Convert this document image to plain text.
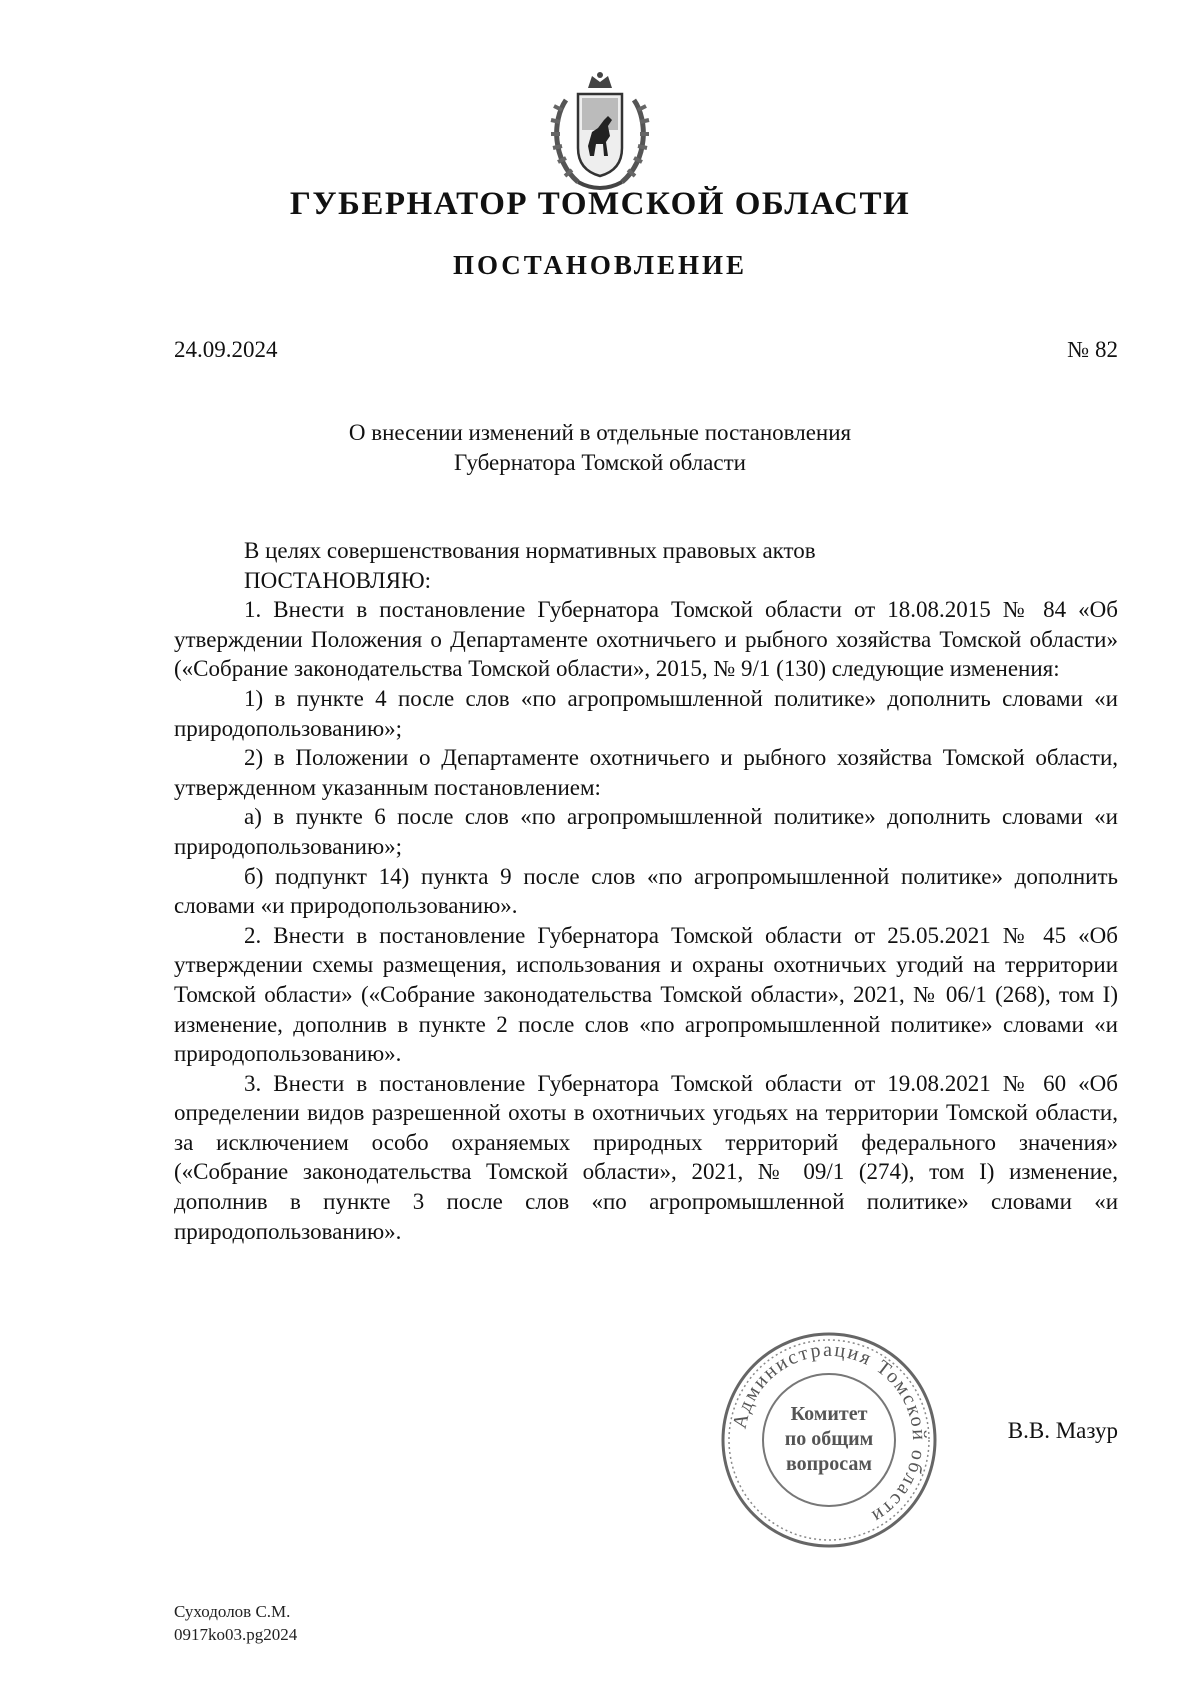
ГУБЕРНАТОР ТОМСКОЙ ОБЛАСТИ
ПОСТАНОВЛЕНИЕ
24.09.2024	№ 82
О внесении изменений в отдельные постановления
Губернатора Томской области

В целях совершенствования нормативных правовых актов

ПОСТАНОВЛЯЮ:

1. Внести в постановление Губернатора Томской области от 18.08.2015 № 84 «Об утверждении Положения о Департаменте охотничьего и рыбного хозяйства Томской области» («Собрание законодательства Томской области», 2015, № 9/1 (130) следующие изменения:

1) в пункте 4 после слов «по агропромышленной политике» дополнить словами «и природопользованию»;

2) в Положении о Департаменте охотничьего и рыбного хозяйства Томской области, утвержденном указанным постановлением:

а) в пункте 6 после слов «по агропромышленной политике» дополнить словами «и природопользованию»;

б) подпункт 14) пункта 9 после слов «по агропромышленной политике» дополнить словами «и природопользованию».

2. Внести в постановление Губернатора Томской области от 25.05.2021 № 45 «Об утверждении схемы размещения, использования и охраны охотничьих угодий на территории Томской области» («Собрание законодательства Томской области», 2021, № 06/1 (268), том I) изменение, дополнив в пункте 2 после слов «по агропромышленной политике» словами «и природопользованию».

3. Внести в постановление Губернатора Томской области от 19.08.2021 № 60 «Об определении видов разрешенной охоты в охотничьих угодьях на территории Томской области, за исключением особо охраняемых природных территорий федерального значения» («Собрание законодательства Томской области», 2021, № 09/1 (274), том I) изменение, дополнив в пункте 3 после слов «по агропромышленной политике» словами «и природопользованию».

Администрация Томской области
Комитет
по общим
вопросам
В.В. Мазур
Суходолов С.М.
0917ko03.pg2024
